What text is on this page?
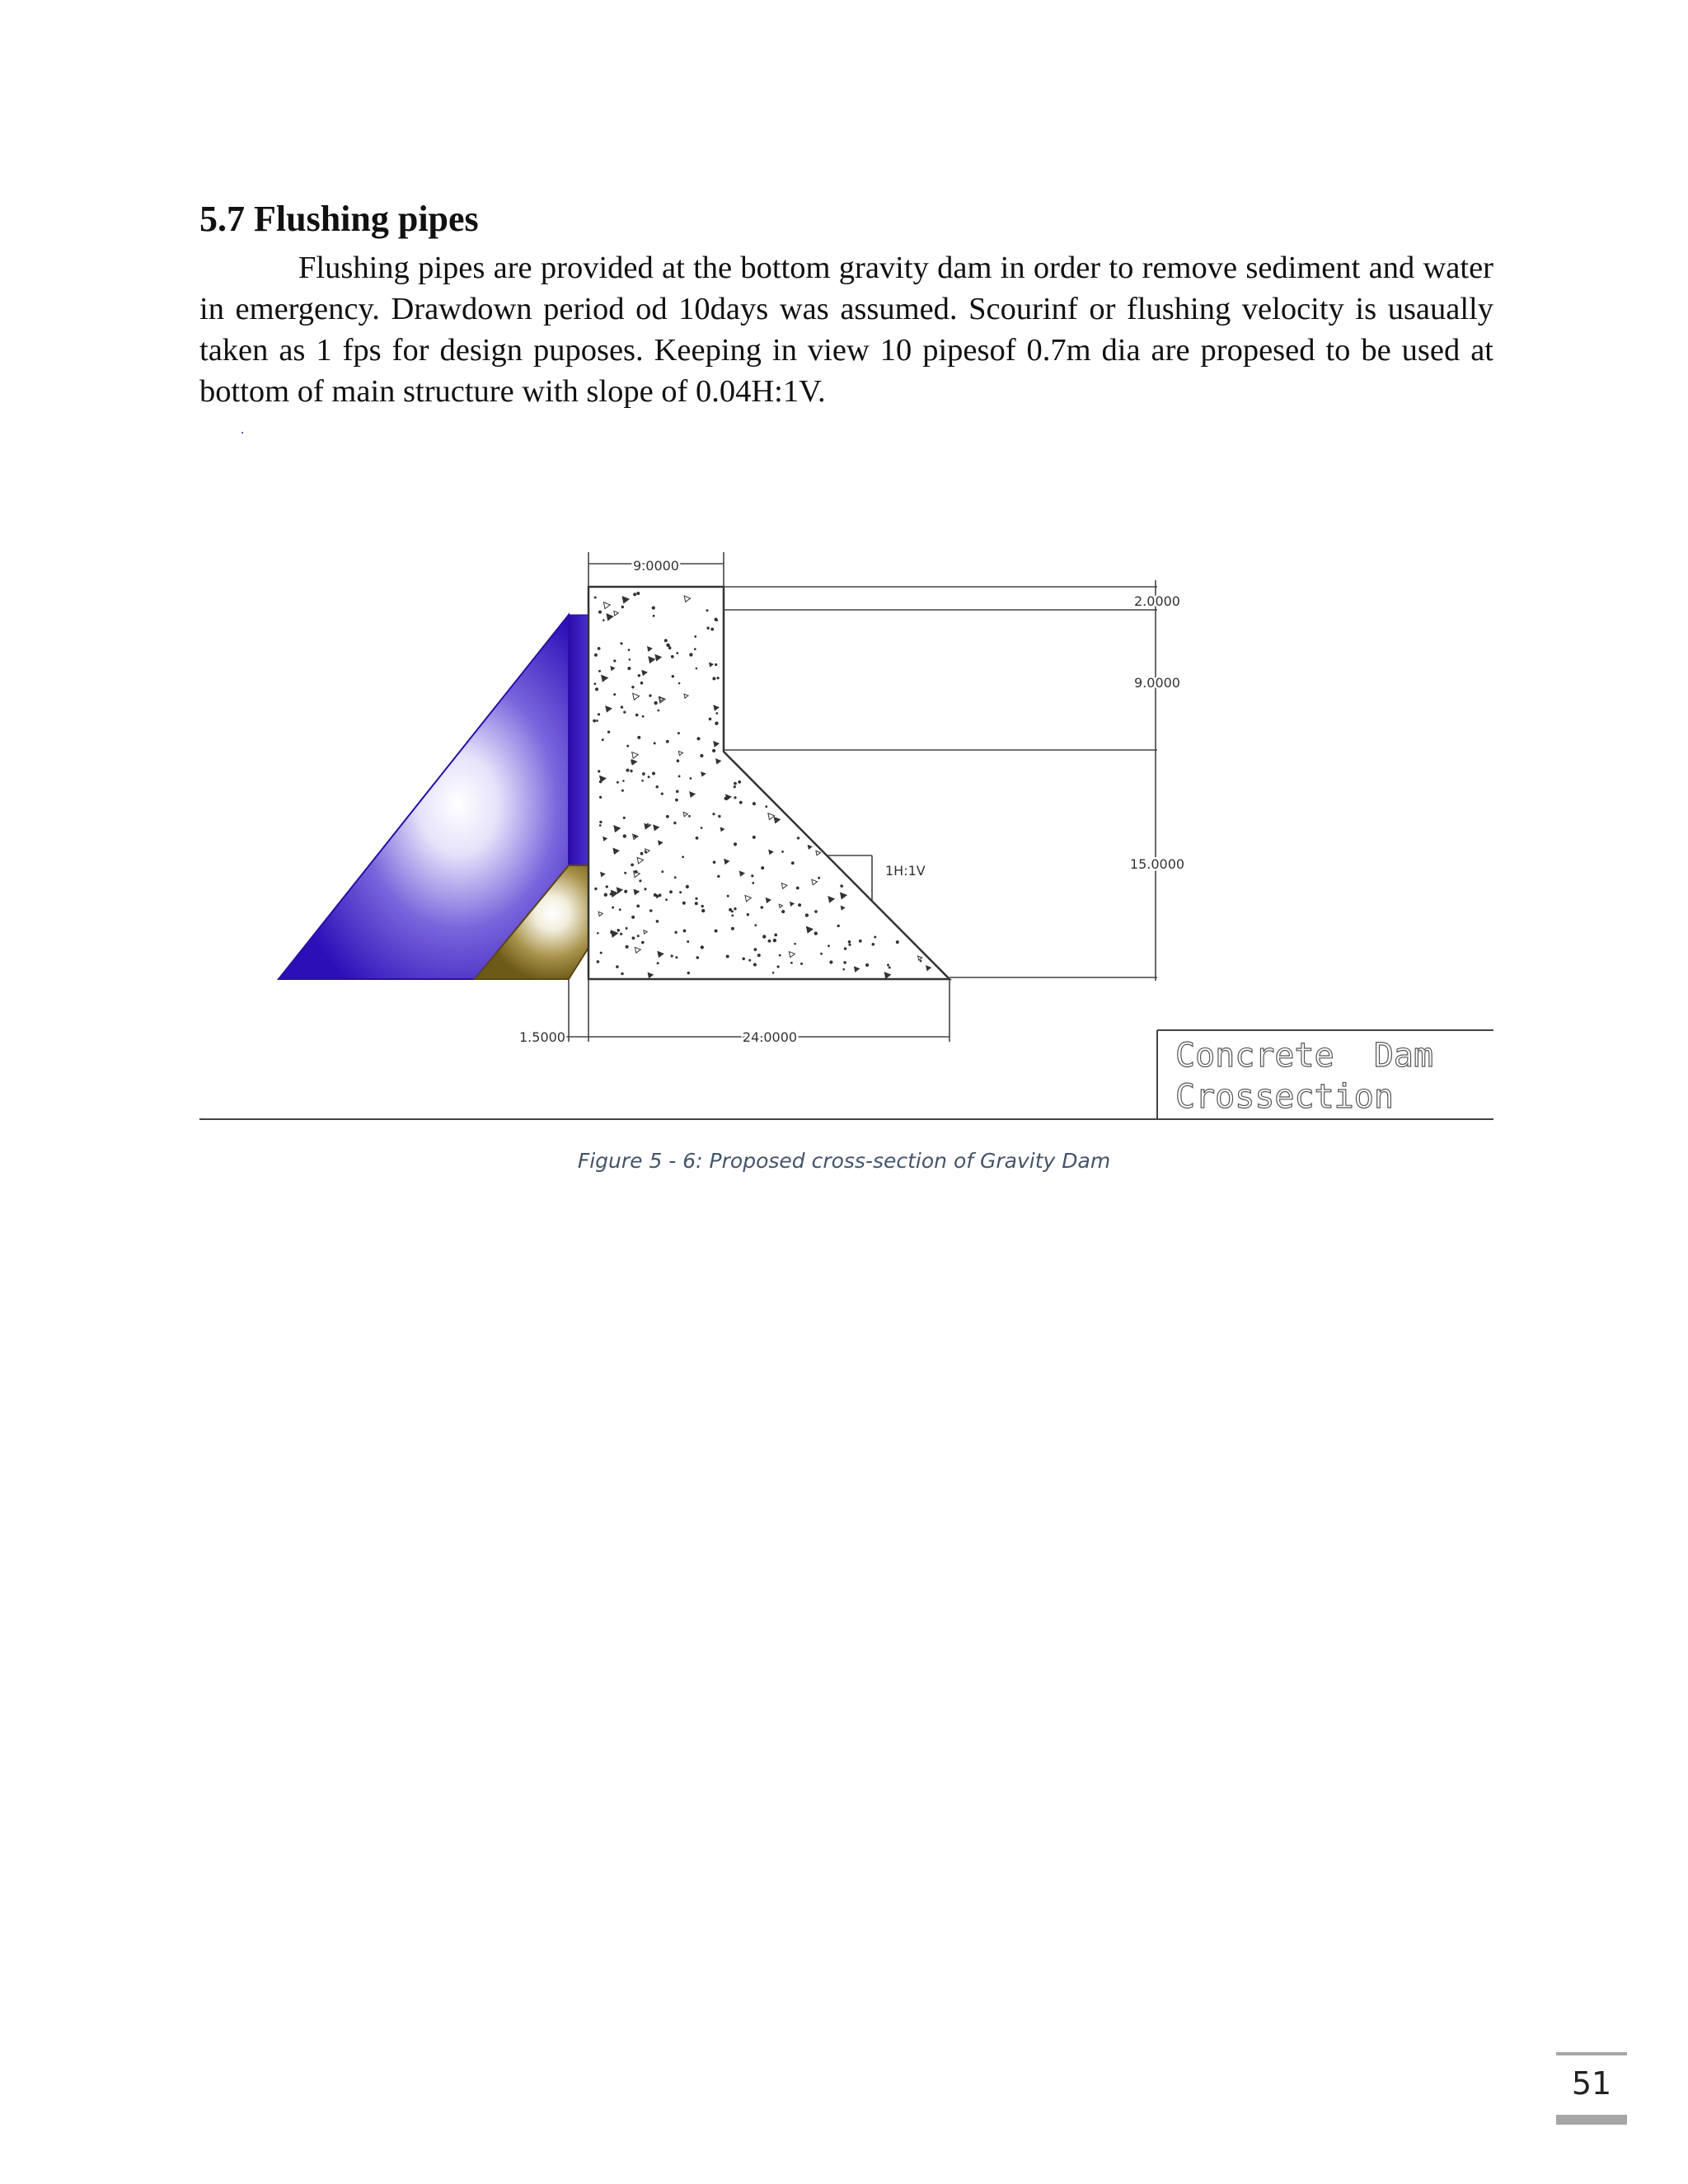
5.7 Flushing pipes

Flushing pipes are provided at the bottom gravity dam in order to remove sediment and water in emergency. Drawdown period od 10days was assumed. Scourinf or flushing velocity is usaually taken as 1 fps for design puposes. Keeping in view 10 pipesof 0.7m dia are propesed to be used at bottom of main structure with slope of 0.04H:1V.

9.0000
2.0000
9.0000
15.0000
1H:1V
1.5000	24.0000	Concrete  Dam
Crossection

Figure 5 - 6: Proposed cross-section of Gravity Dam

51
